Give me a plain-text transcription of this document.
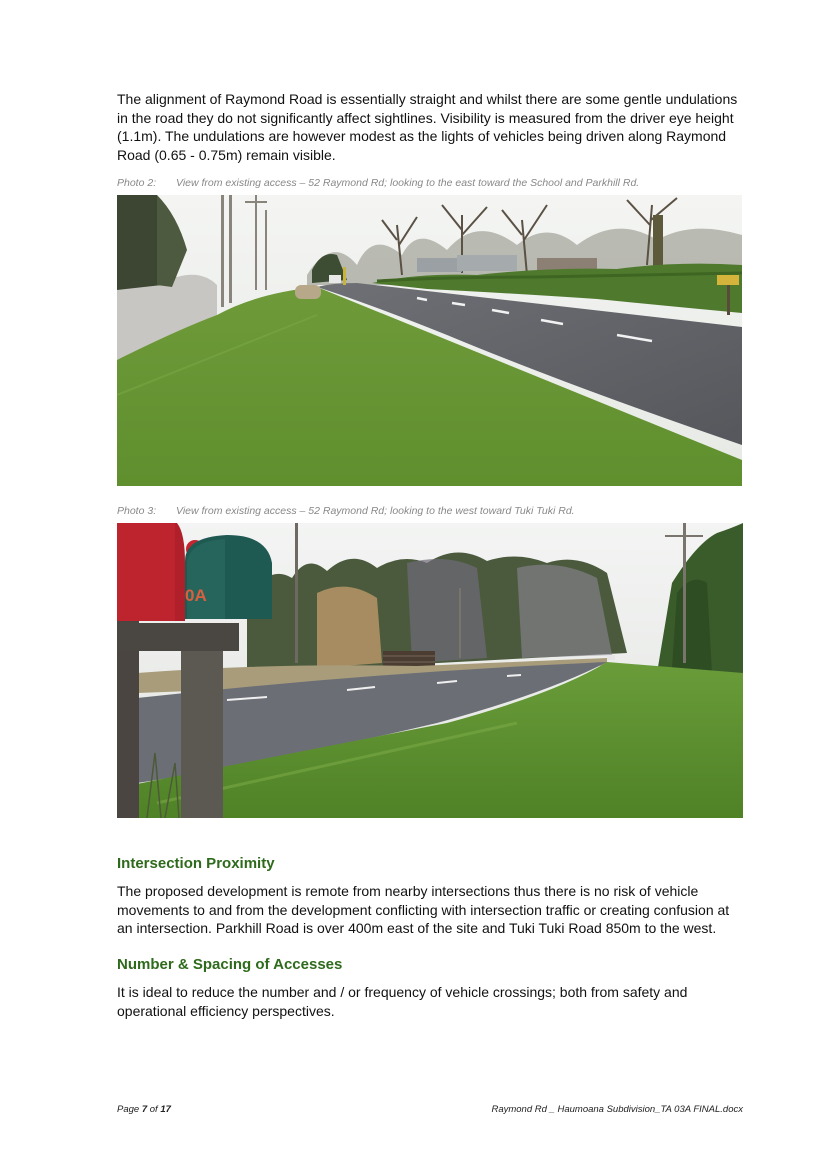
The alignment of Raymond Road is essentially straight and whilst there are some gentle undulations in the road they do not significantly affect sightlines. Visibility is measured from the driver eye height (1.1m). The undulations are however modest as the lights of vehicles being driven along Raymond Road (0.65 - 0.75m) remain visible.

Photo 2: View from existing access – 52 Raymond Rd; looking to the east toward the School and Parkhill Rd.

Photo 3: View from existing access – 52 Raymond Rd; looking to the west toward Tuki Tuki Rd.

0A
Intersection Proximity

The proposed development is remote from nearby intersections thus there is no risk of vehicle movements to and from the development conflicting with intersection traffic or creating confusion at an intersection. Parkhill Road is over 400m east of the site and Tuki Tuki Road 850m to the west.

Number & Spacing of Accesses

It is ideal to reduce the number and / or frequency of vehicle crossings; both from safety and operational efficiency perspectives.

Page 7 of 17	Raymond Rd _ Haumoana Subdivision_TA 03A FINAL.docx
